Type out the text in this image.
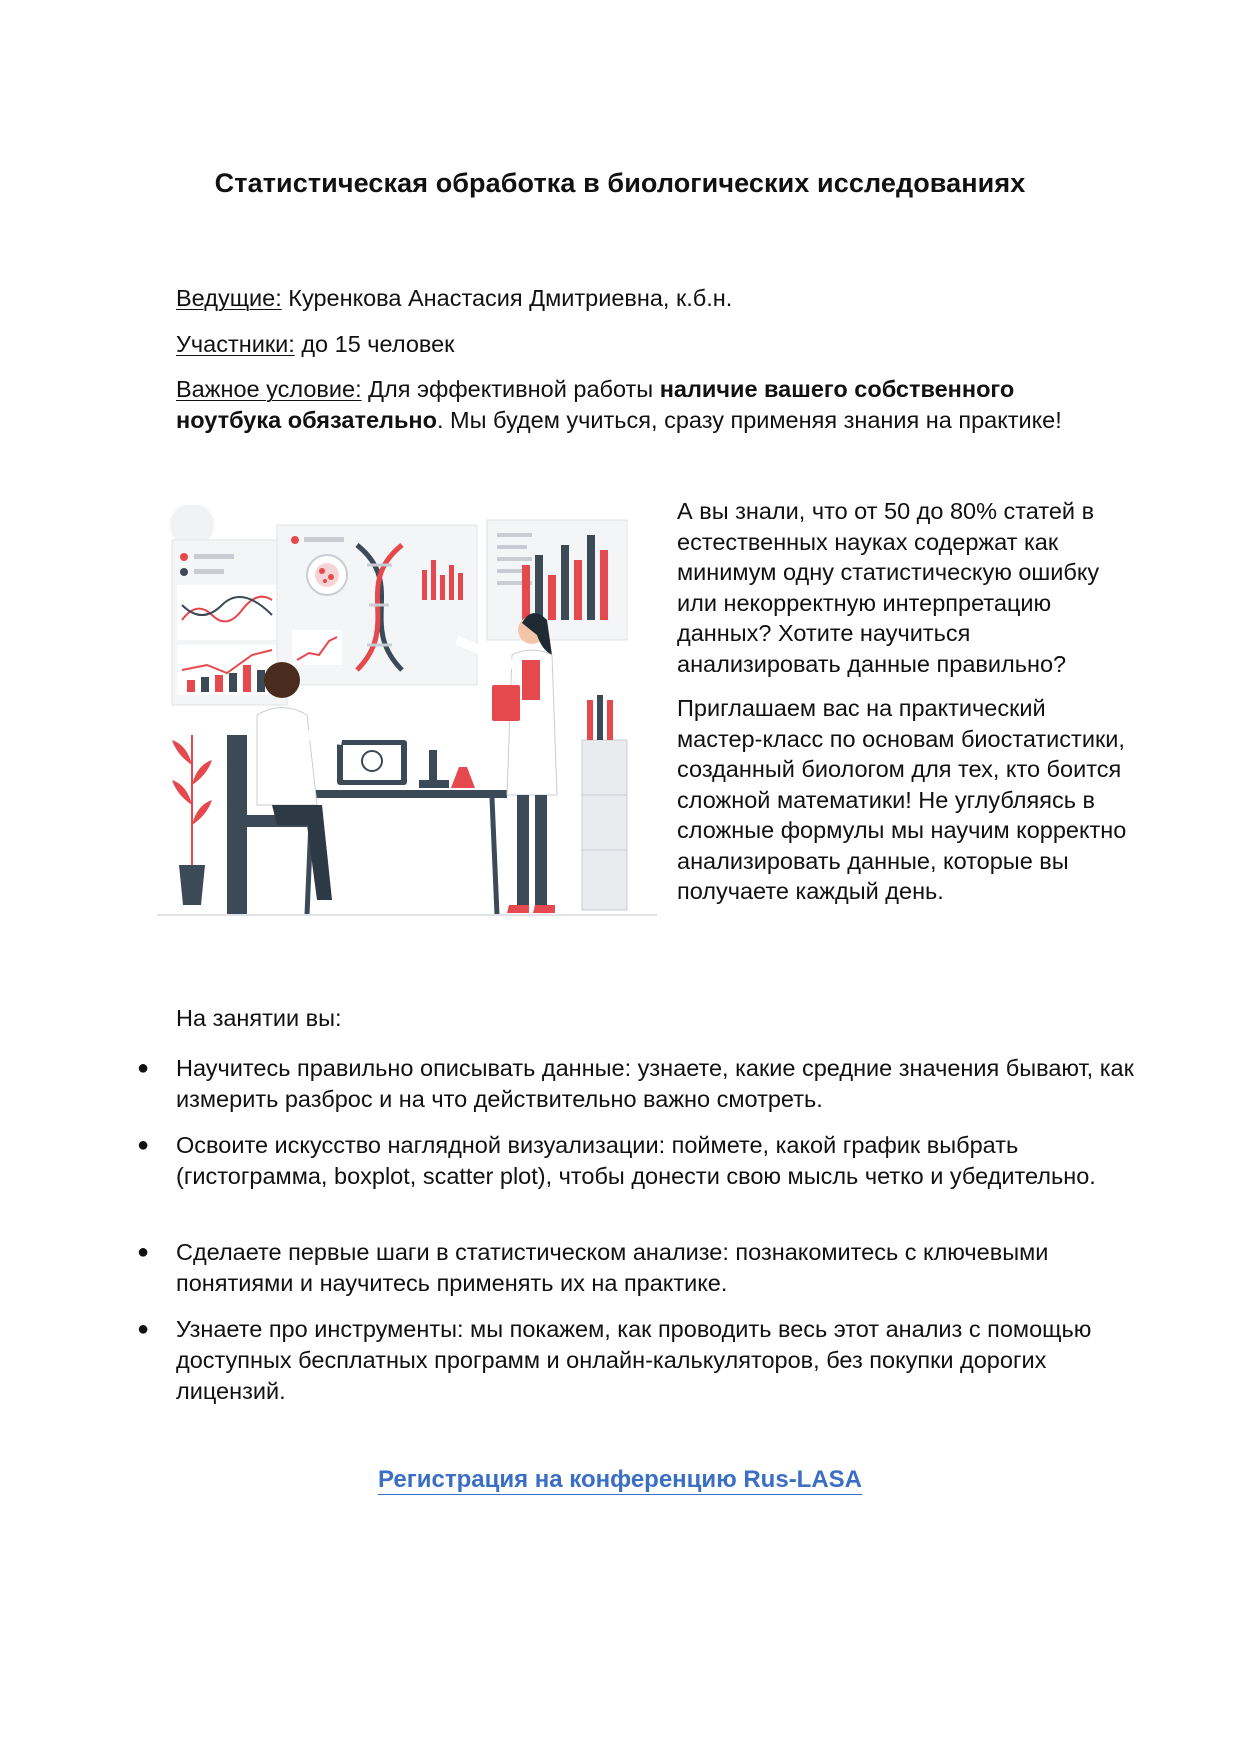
Статистическая обработка в биологических исследованиях
Ведущие: Куренкова Анастасия Дмитриевна, к.б.н.
Участники: до 15 человек
Важное условие: Для эффективной работы наличие вашего собственного
ноутбука обязательно. Мы будем учиться, сразу применяя знания на практике!

А вы знали, что от 50 до 80% статей в естественных науках содержат как минимум одну статистическую ошибку или некорректную интерпретацию данных? Хотите научиться анализировать данные правильно?

Приглашаем вас на практический мастер-класс по основам биостатистики, созданный биологом для тех, кто боится сложной математики! Не углубляясь в сложные формулы мы научим корректно анализировать данные, которые вы получаете каждый день.

На занятии вы:
● Научитесь правильно описывать данные: узнаете, какие средние значения бывают, как измерить разброс и на что действительно важно смотреть.
● Освоите искусство наглядной визуализации: поймете, какой график выбрать (гистограмма, boxplot, scatter plot), чтобы донести свою мысль четко и убедительно.
● Сделаете первые шаги в статистическом анализе: познакомитесь с ключевыми понятиями и научитесь применять их на практике.
● Узнаете про инструменты: мы покажем, как проводить весь этот анализ с помощью доступных бесплатных программ и онлайн-калькуляторов, без покупки дорогих лицензий.
Регистрация на конференцию Rus-LASA
